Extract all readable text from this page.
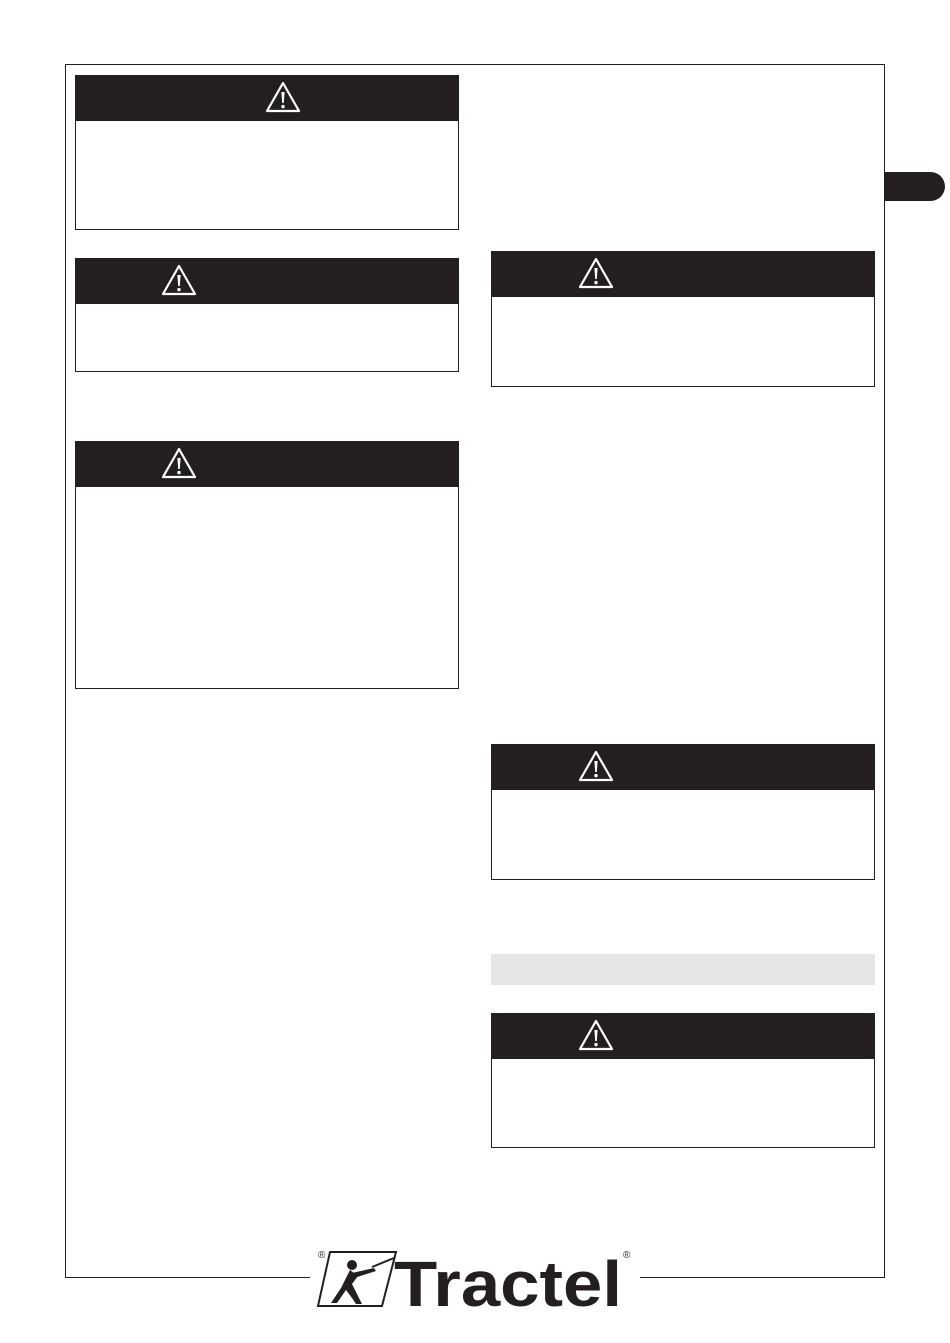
Tractel
®	®
